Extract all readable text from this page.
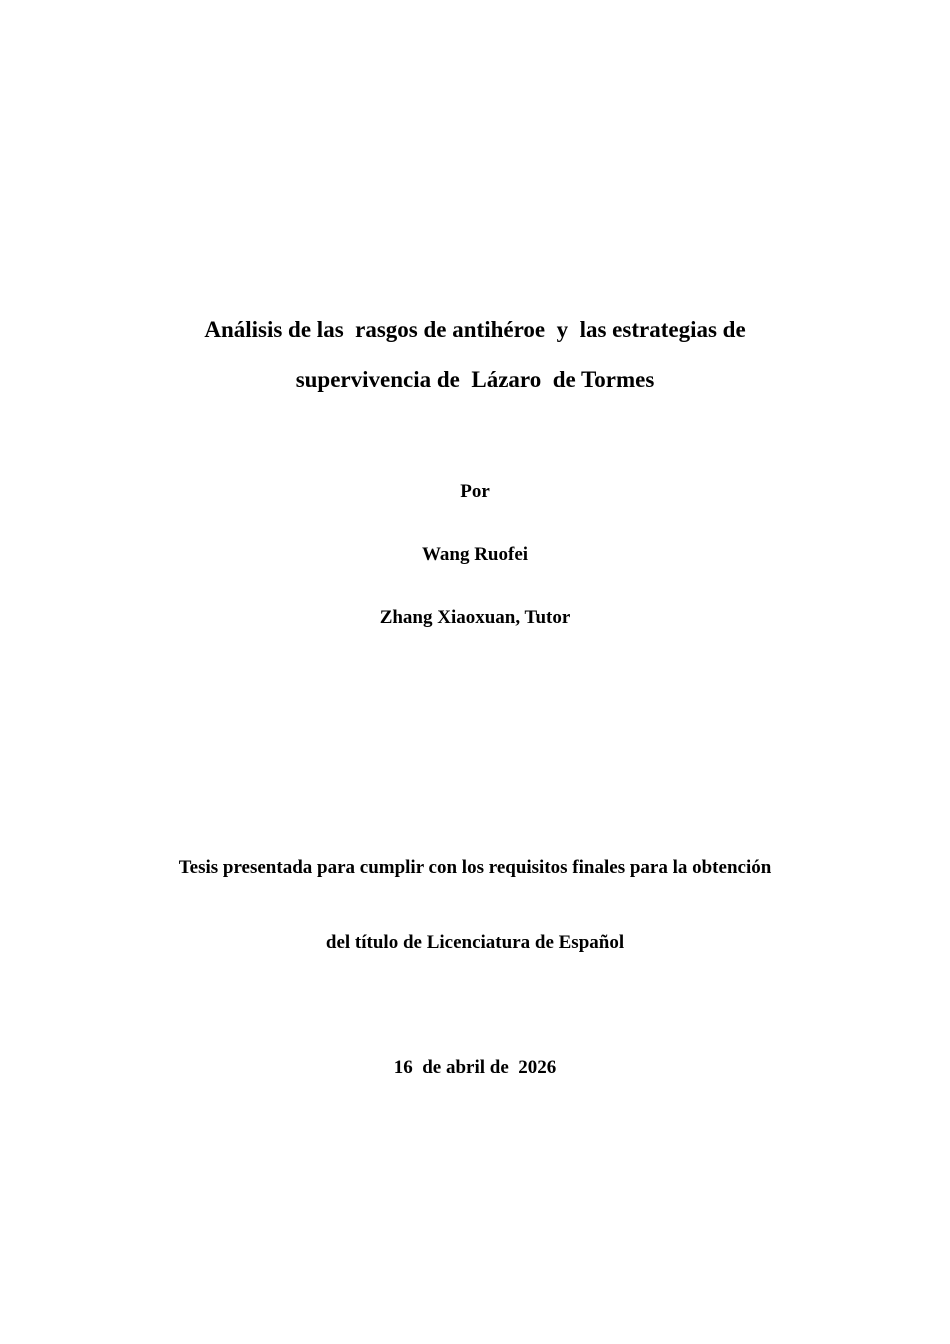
Análisis de las  rasgos de antihéroe  y  las estrategias de
supervivencia de  Lázaro  de Tormes
Por
Wang Ruofei
Zhang Xiaoxuan, Tutor
Tesis presentada para cumplir con los requisitos finales para la obtención
del título de Licenciatura de Español
16  de abril de  2026
